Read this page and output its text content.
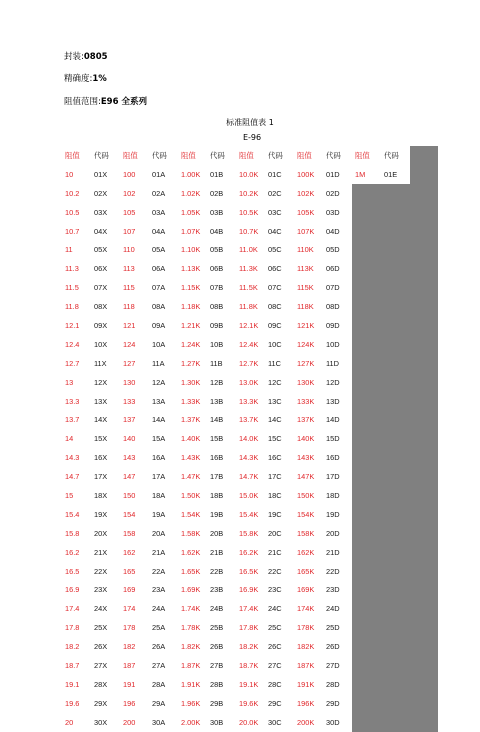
封装:0805
精确度:1%
阻值范围:E96 全系列
标准阻值表 1
E-96
阻值	代码	阻值	代码	阻值	代码	阻值	代码	阻值	代码	阻值	代码	
10	01X	100	01A	1.00K	01B	10.0K	01C	100K	01D	1M	01E	
10.2	02X	102	02A	1.02K	02B	10.2K	02C	102K	02D			
10.5	03X	105	03A	1.05K	03B	10.5K	03C	105K	03D			
10.7	04X	107	04A	1.07K	04B	10.7K	04C	107K	04D			
11	05X	110	05A	1.10K	05B	11.0K	05C	110K	05D			
11.3	06X	113	06A	1.13K	06B	11.3K	06C	113K	06D			
11.5	07X	115	07A	1.15K	07B	11.5K	07C	115K	07D			
11.8	08X	118	08A	1.18K	08B	11.8K	08C	118K	08D			
12.1	09X	121	09A	1.21K	09B	12.1K	09C	121K	09D			
12.4	10X	124	10A	1.24K	10B	12.4K	10C	124K	10D			
12.7	11X	127	11A	1.27K	11B	12.7K	11C	127K	11D			
13	12X	130	12A	1.30K	12B	13.0K	12C	130K	12D			
13.3	13X	133	13A	1.33K	13B	13.3K	13C	133K	13D			
13.7	14X	137	14A	1.37K	14B	13.7K	14C	137K	14D			
14	15X	140	15A	1.40K	15B	14.0K	15C	140K	15D			
14.3	16X	143	16A	1.43K	16B	14.3K	16C	143K	16D			
14.7	17X	147	17A	1.47K	17B	14.7K	17C	147K	17D			
15	18X	150	18A	1.50K	18B	15.0K	18C	150K	18D			
15.4	19X	154	19A	1.54K	19B	15.4K	19C	154K	19D			
15.8	20X	158	20A	1.58K	20B	15.8K	20C	158K	20D			
16.2	21X	162	21A	1.62K	21B	16.2K	21C	162K	21D			
16.5	22X	165	22A	1.65K	22B	16.5K	22C	165K	22D			
16.9	23X	169	23A	1.69K	23B	16.9K	23C	169K	23D			
17.4	24X	174	24A	1.74K	24B	17.4K	24C	174K	24D			
17.8	25X	178	25A	1.78K	25B	17.8K	25C	178K	25D			
18.2	26X	182	26A	1.82K	26B	18.2K	26C	182K	26D			
18.7	27X	187	27A	1.87K	27B	18.7K	27C	187K	27D			
19.1	28X	191	28A	1.91K	28B	19.1K	28C	191K	28D			
19.6	29X	196	29A	1.96K	29B	19.6K	29C	196K	29D			
20	30X	200	30A	2.00K	30B	20.0K	30C	200K	30D			
